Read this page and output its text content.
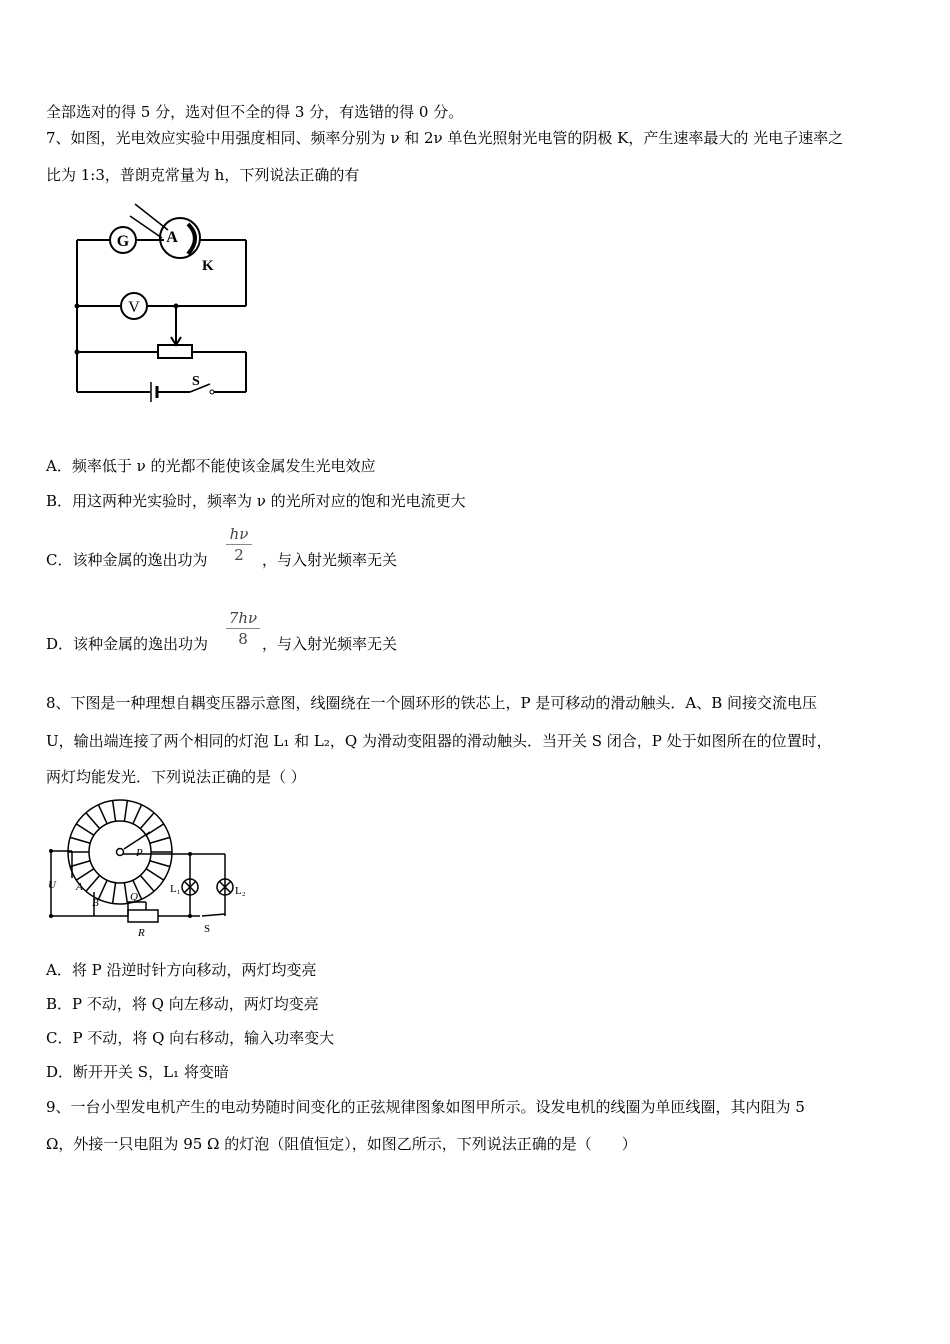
全部选对的得 5 分，选对但不全的得 3 分，有选错的得 0 分。
7、如图，光电效应实验中用强度相同、频率分别为 ν 和 2ν 单色光照射光电管的阴极 K，产生速率最大的 光电子速率之
比为 1:3，普朗克常量为 h，下列说法正确的有
G A
K
V
S
A．频率低于 ν 的光都不能使该金属发生光电效应
B．用这两种光实验时，频率为 ν 的光所对应的饱和光电流更大
C．该种金属的逸出功为
hν
2	，与入射光频率无关
D．该种金属的逸出功为
7hν
8 ，与入射光频率无关
8、下图是一种理想自耦变压器示意图，线圈绕在一个圆环形的铁芯上，P 是可移动的滑动触头．A、B 间接交流电压
U，输出端连接了两个相同的灯泡 L₁ 和 L₂，Q 为滑动变阻器的滑动触头．当开关 S 闭合，P 处于如图所在的位置时，
两灯均能发光．下列说法正确的是（ ）
P
U A
B	Q
R	S
L₁	L₂
A．将 P 沿逆时针方向移动，两灯均变亮
B．P 不动，将 Q 向左移动，两灯均变亮
C．P 不动，将 Q 向右移动，输入功率变大
D．断开开关 S，L₁ 将变暗
9、一台小型发电机产生的电动势随时间变化的正弦规律图象如图甲所示。设发电机的线圈为单匝线圈，其内阻为 5
Ω，外接一只电阻为 95 Ω 的灯泡（阻值恒定），如图乙所示，下列说法正确的是（　　）
